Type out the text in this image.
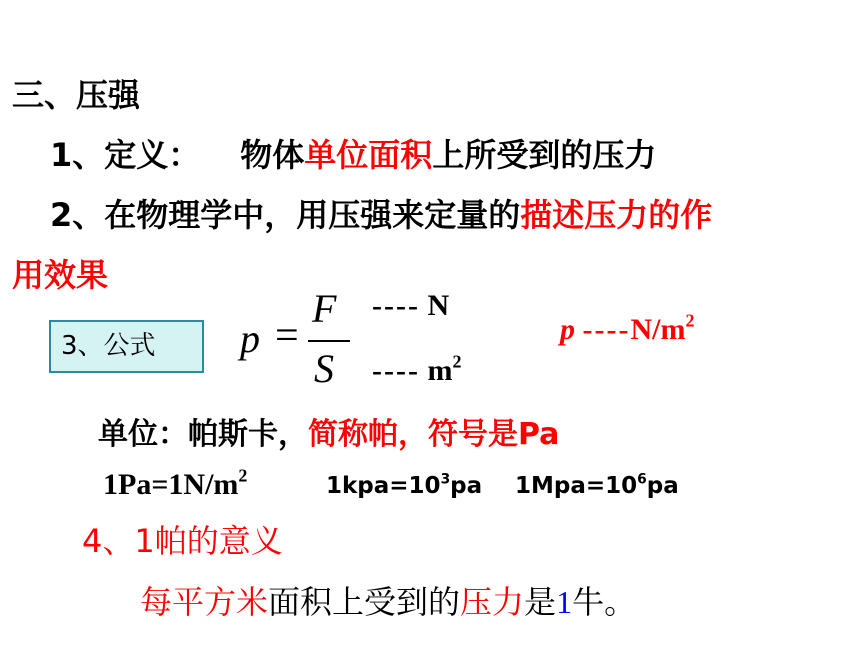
三、压强
1、定义： 物体单位面积上所受到的压力
2、在物理学中，用压强来定量的描述压力的作
用效果
3、公式	p =
F
S
---- N
---- $m^2$
p $----N/m^2$
单位：帕斯卡，简称帕，符号是Pa
$1Pa=1N/m^2$	$1kpa=10^3pa$ $1Mpa=10^6pa$
4、1帕的意义
每平方米面积上受到的压力是1牛。
